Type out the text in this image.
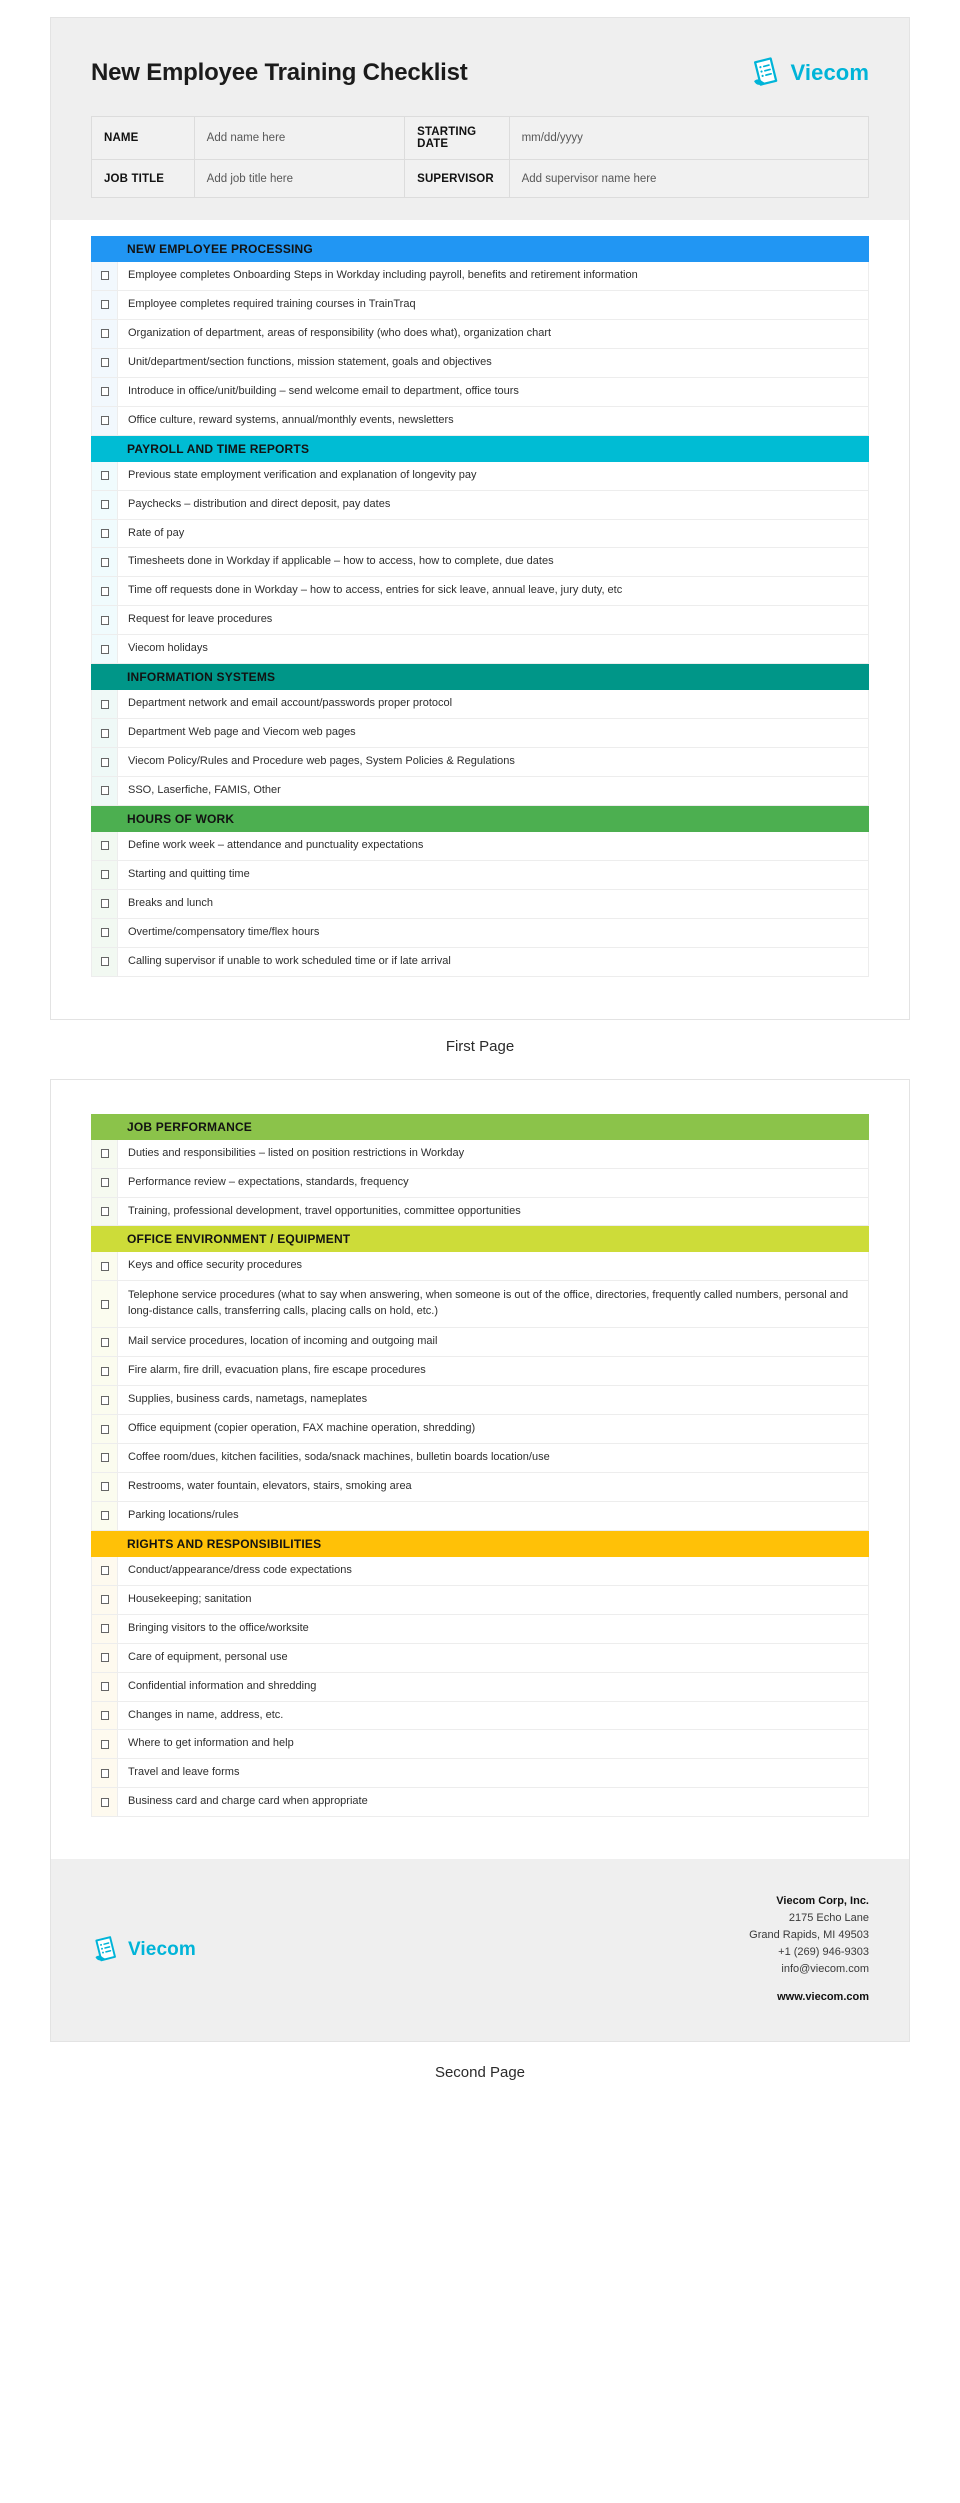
New Employee Training Checklist	Viecom
NAME	Add name here	STARTING DATE	mm/dd/yyyy
JOB TITLE	Add job title here	SUPERVISOR	Add supervisor name here
NEW EMPLOYEE PROCESSING
Employee completes Onboarding Steps in Workday including payroll, benefits and retirement information
Employee completes required training courses in TrainTraq
Organization of department, areas of responsibility (who does what), organization chart
Unit/department/section functions, mission statement, goals and objectives
Introduce in office/unit/building – send welcome email to department, office tours
Office culture, reward systems, annual/monthly events, newsletters
PAYROLL AND TIME REPORTS
Previous state employment verification and explanation of longevity pay
Paychecks – distribution and direct deposit, pay dates
Rate of pay
Timesheets done in Workday if applicable – how to access, how to complete, due dates
Time off requests done in Workday – how to access, entries for sick leave, annual leave, jury duty, etc
Request for leave procedures
Viecom holidays
INFORMATION SYSTEMS
Department network and email account/passwords proper protocol
Department Web page and Viecom web pages
Viecom Policy/Rules and Procedure web pages, System Policies & Regulations
SSO, Laserfiche, FAMIS, Other
HOURS OF WORK
Define work week – attendance and punctuality expectations
Starting and quitting time
Breaks and lunch
Overtime/compensatory time/flex hours
Calling supervisor if unable to work scheduled time or if late arrival
First Page
JOB PERFORMANCE
Duties and responsibilities – listed on position restrictions in Workday
Performance review – expectations, standards, frequency
Training, professional development, travel opportunities, committee opportunities
OFFICE ENVIRONMENT / EQUIPMENT
Keys and office security procedures
Telephone service procedures (what to say when answering, when someone is out of the office, directories, frequently called numbers, personal and long-distance calls, transferring calls, placing calls on hold, etc.)
Mail service procedures, location of incoming and outgoing mail
Fire alarm, fire drill, evacuation plans, fire escape procedures
Supplies, business cards, nametags, nameplates
Office equipment (copier operation, FAX machine operation, shredding)
Coffee room/dues, kitchen facilities, soda/snack machines, bulletin boards location/use
Restrooms, water fountain, elevators, stairs, smoking area
Parking locations/rules
RIGHTS AND RESPONSIBILITIES
Conduct/appearance/dress code expectations
Housekeeping; sanitation
Bringing visitors to the office/worksite
Care of equipment, personal use
Confidential information and shredding
Changes in name, address, etc.
Where to get information and help
Travel and leave forms
Business card and charge card when appropriate
Viecom
Viecom Corp, Inc.
2175 Echo Lane
Grand Rapids, MI 49503
+1 (269) 946-9303
info@viecom.com
www.viecom.com
Second Page
